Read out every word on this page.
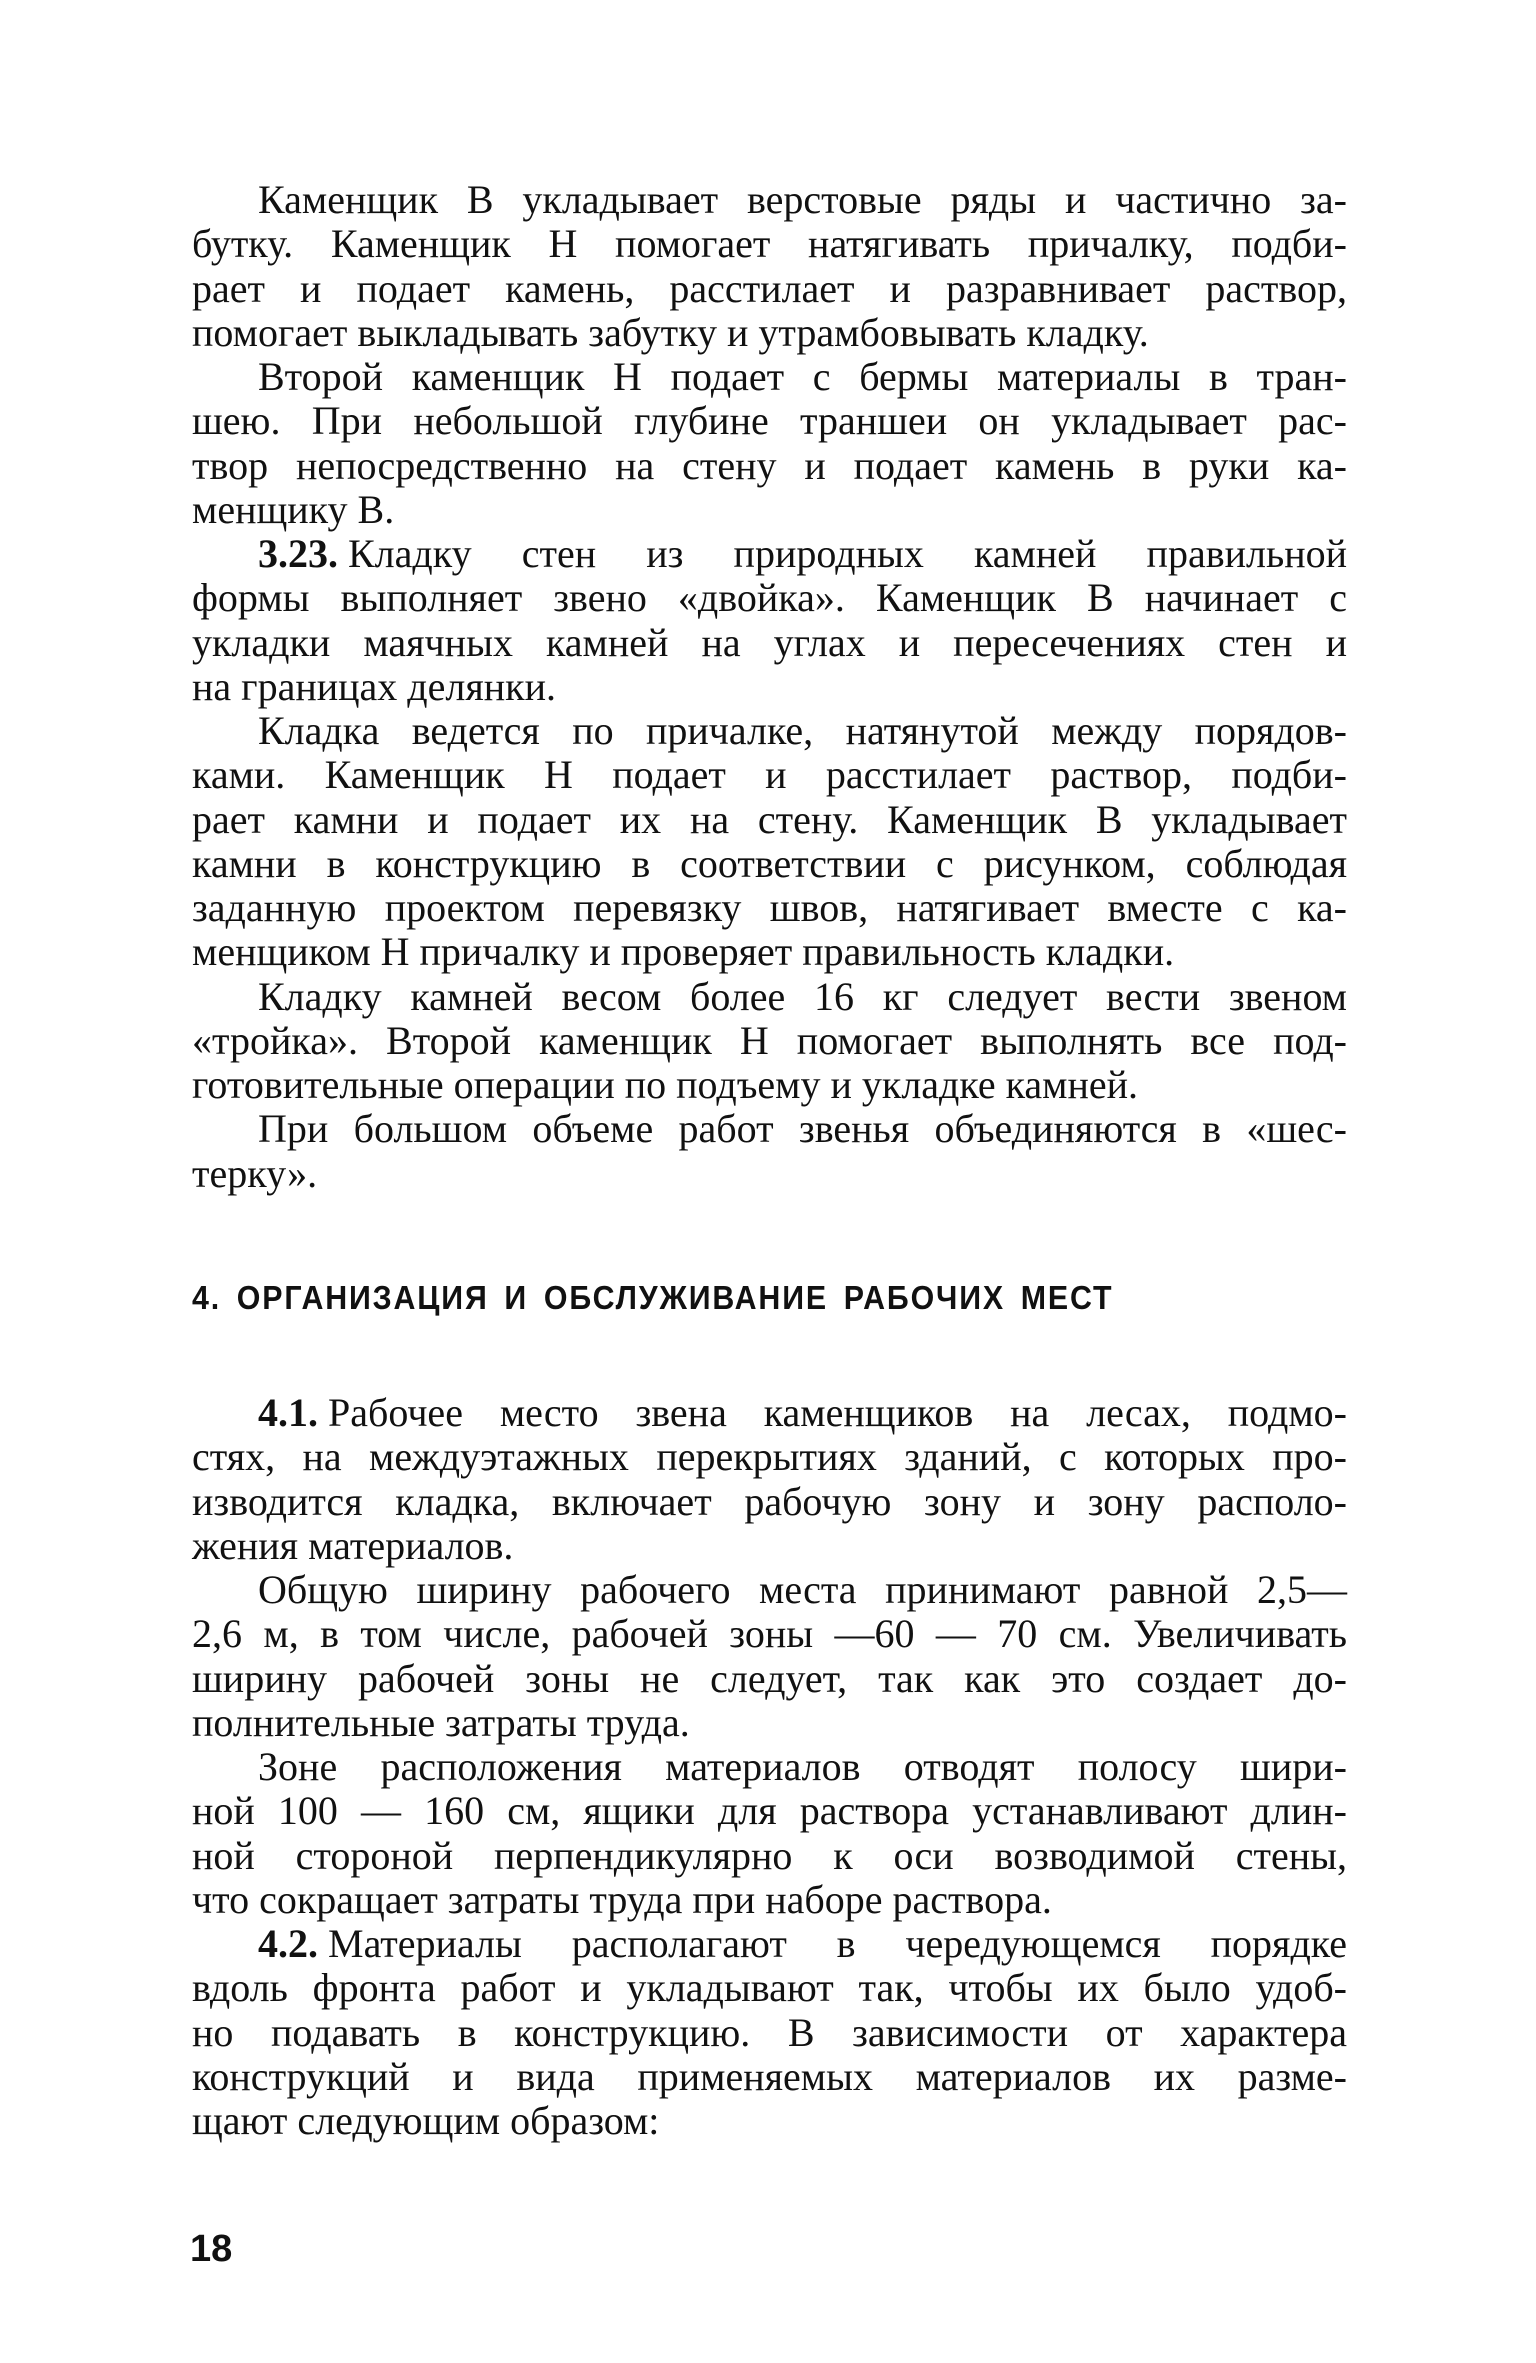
Каменщик В укладывает верстовые ряды и частично за-
бутку. Каменщик Н помогает натягивать причалку, подби-
рает и подает камень, расстилает и разравнивает раствор,
помогает выкладывать забутку и утрамбовывать кладку.
Второй каменщик Н подает с бермы материалы в тран-
шею. При небольшой глубине траншеи он укладывает рас-
твор непосредственно на стену и подает камень в руки ка-
менщику В.
3.23. Кладку стен из природных камней правильной
формы выполняет звено «двойка». Каменщик В начинает с
укладки маячных камней на углах и пересечениях стен и
на границах делянки.
Кладка ведется по причалке, натянутой между порядов-
ками. Каменщик Н подает и расстилает раствор, подби-
рает камни и подает их на стену. Каменщик В укладывает
камни в конструкцию в соответствии с рисунком, соблюдая
заданную проектом перевязку швов, натягивает вместе с ка-
менщиком Н причалку и проверяет правильность кладки.
Кладку камней весом более 16 кг следует вести звеном
«тройка». Второй каменщик Н помогает выполнять все под-
готовительные операции по подъему и укладке камней.
При большом объеме работ звенья объединяются в «шес-
терку».
4. ОРГАНИЗАЦИЯ И ОБСЛУЖИВАНИЕ РАБОЧИХ МЕСТ
4.1. Рабочее место звена каменщиков на лесах, подмо-
стях, на междуэтажных перекрытиях зданий, с которых про-
изводится кладка, включает рабочую зону и зону располо-
жения материалов.
Общую ширину рабочего места принимают равной 2,5—
2,6 м, в том числе, рабочей зоны —60 — 70 см. Увеличивать
ширину рабочей зоны не следует, так как это создает до-
полнительные затраты труда.
Зоне расположения материалов отводят полосу шири-
ной 100 — 160 см, ящики для раствора устанавливают длин-
ной стороной перпендикулярно к оси возводимой стены,
что сокращает затраты труда при наборе раствора.
4.2. Материалы располагают в чередующемся порядке
вдоль фронта работ и укладывают так, чтобы их было удоб-
но подавать в конструкцию. В зависимости от характера
конструкций и вида применяемых материалов их разме-
щают следующим образом:
18
